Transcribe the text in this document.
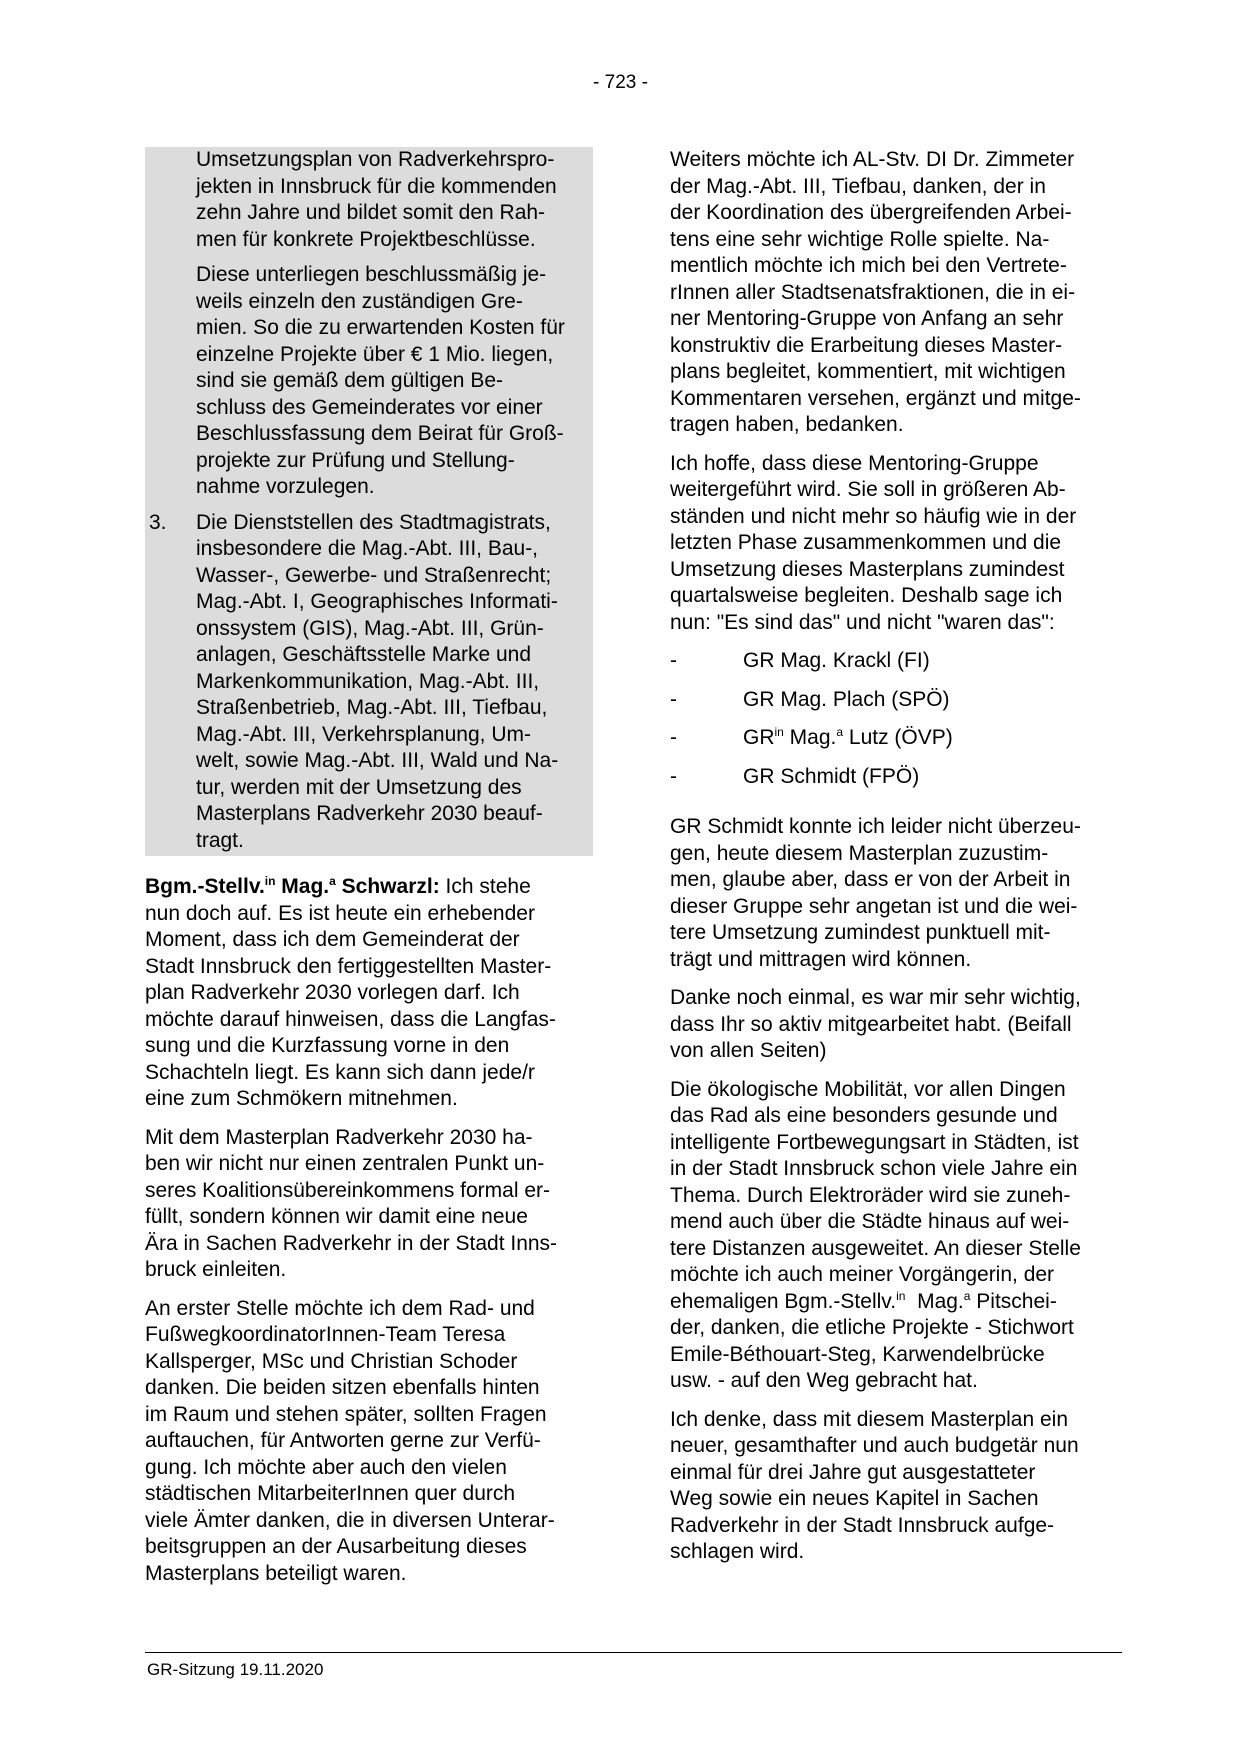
- 723 -
Umsetzungsplan von Radverkehrspro-
jekten in Innsbruck für die kommenden
zehn Jahre und bildet somit den Rah-
men für konkrete Projektbeschlüsse.
Diese unterliegen beschlussmäßig je-
weils einzeln den zuständigen Gre-
mien. So die zu erwartenden Kosten für
einzelne Projekte über € 1 Mio. liegen,
sind sie gemäß dem gültigen Be-
schluss des Gemeinderates vor einer
Beschlussfassung dem Beirat für Groß-
projekte zur Prüfung und Stellung-
nahme vorzulegen.
3.	Die Dienststellen des Stadtmagistrats,
insbesondere die Mag.-Abt. III, Bau-,
Wasser-, Gewerbe- und Straßenrecht;
Mag.-Abt. I, Geographisches Informati-
onssystem (GIS), Mag.-Abt. III, Grün-
anlagen, Geschäftsstelle Marke und
Markenkommunikation, Mag.-Abt. III,
Straßenbetrieb, Mag.-Abt. III, Tiefbau,
Mag.-Abt. III, Verkehrsplanung, Um-
welt, sowie Mag.-Abt. III, Wald und Na-
tur, werden mit der Umsetzung des
Masterplans Radverkehr 2030 beauf-
tragt.

Bgm.-Stellv.$^{in}$ Mag.$^a$ Schwarzl: Ich stehe
nun doch auf. Es ist heute ein erhebender
Moment, dass ich dem Gemeinderat der
Stadt Innsbruck den fertiggestellten Master-
plan Radverkehr 2030 vorlegen darf. Ich
möchte darauf hinweisen, dass die Langfas-
sung und die Kurzfassung vorne in den
Schachteln liegt. Es kann sich dann jede/r
eine zum Schmökern mitnehmen.

Mit dem Masterplan Radverkehr 2030 ha-
ben wir nicht nur einen zentralen Punkt un-
seres Koalitionsübereinkommens formal er-
füllt, sondern können wir damit eine neue
Ära in Sachen Radverkehr in der Stadt Inns-
bruck einleiten.

An erster Stelle möchte ich dem Rad- und
FußwegkoordinatorInnen-Team Teresa
Kallsperger, MSc und Christian Schoder
danken. Die beiden sitzen ebenfalls hinten
im Raum und stehen später, sollten Fragen
auftauchen, für Antworten gerne zur Verfü-
gung. Ich möchte aber auch den vielen
städtischen MitarbeiterInnen quer durch
viele Ämter danken, die in diversen Unterar-
beitsgruppen an der Ausarbeitung dieses
Masterplans beteiligt waren.

Weiters möchte ich AL-Stv. DI Dr. Zimmeter
der Mag.-Abt. III, Tiefbau, danken, der in
der Koordination des übergreifenden Arbei-
tens eine sehr wichtige Rolle spielte. Na-
mentlich möchte ich mich bei den Vertrete-
rInnen aller Stadtsenatsfraktionen, die in ei-
ner Mentoring-Gruppe von Anfang an sehr
konstruktiv die Erarbeitung dieses Master-
plans begleitet, kommentiert, mit wichtigen
Kommentaren versehen, ergänzt und mitge-
tragen haben, bedanken.

Ich hoffe, dass diese Mentoring-Gruppe
weitergeführt wird. Sie soll in größeren Ab-
ständen und nicht mehr so häufig wie in der
letzten Phase zusammenkommen und die
Umsetzung dieses Masterplans zumindest
quartalsweise begleiten. Deshalb sage ich
nun: "Es sind das" und nicht "waren das":

-	GR Mag. Krackl (FI)
-	GR Mag. Plach (SPÖ)
-	$GR^{in}$ Mag.$^a$ Lutz (ÖVP)
-	GR Schmidt (FPÖ)

GR Schmidt konnte ich leider nicht überzeu-
gen, heute diesem Masterplan zuzustim-
men, glaube aber, dass er von der Arbeit in
dieser Gruppe sehr angetan ist und die wei-
tere Umsetzung zumindest punktuell mit-
trägt und mittragen wird können.

Danke noch einmal, es war mir sehr wichtig,
dass Ihr so aktiv mitgearbeitet habt. (Beifall
von allen Seiten)

Die ökologische Mobilität, vor allen Dingen
das Rad als eine besonders gesunde und
intelligente Fortbewegungsart in Städten, ist
in der Stadt Innsbruck schon viele Jahre ein
Thema. Durch Elektroräder wird sie zuneh-
mend auch über die Städte hinaus auf wei-
tere Distanzen ausgeweitet. An dieser Stelle
möchte ich auch meiner Vorgängerin, der
ehemaligen Bgm.-Stellv.$^{in}$  Mag.$^a$ Pitschei-
der, danken, die etliche Projekte - Stichwort
Emile-Béthouart-Steg, Karwendelbrücke
usw. - auf den Weg gebracht hat.

Ich denke, dass mit diesem Masterplan ein
neuer, gesamthafter und auch budgetär nun
einmal für drei Jahre gut ausgestatteter
Weg sowie ein neues Kapitel in Sachen
Radverkehr in der Stadt Innsbruck aufge-
schlagen wird.

GR-Sitzung 19.11.2020
